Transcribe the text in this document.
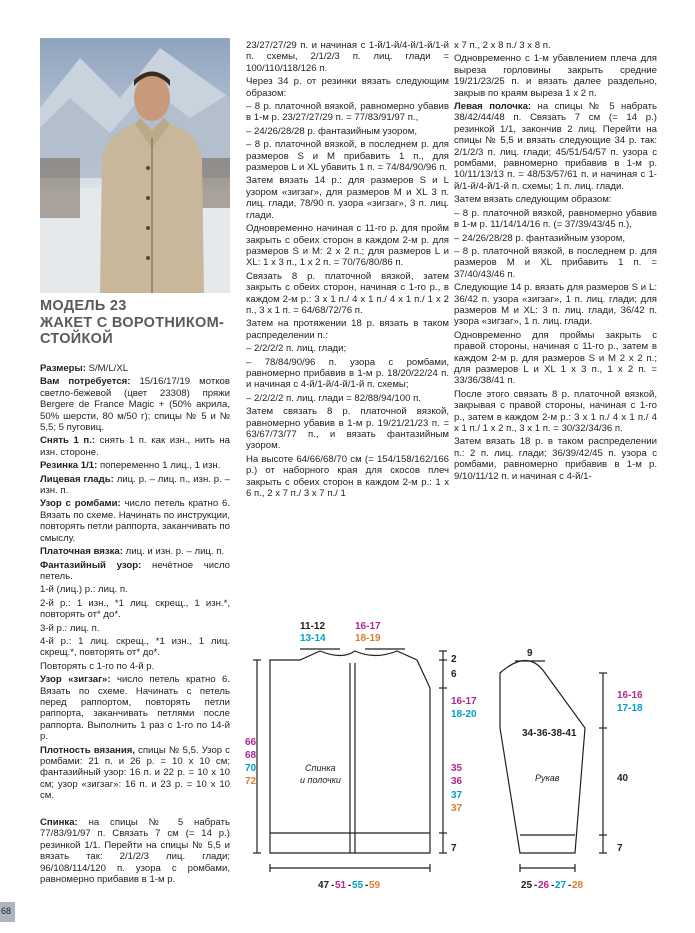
МОДЕЛЬ 23
ЖАКЕТ С ВОРОТНИКОМ-
СТОЙКОЙ

Размеры: S/M/L/XL

Вам потребуется: 15/16/17/19 мотков светло-бежевой (цвет 23308) пряжи Bergere de France Magic + (50% акрила, 50% шерсти, 80 м/50 г); спицы № 5 и № 5,5; 5 пуговиц.

Снять 1 п.: снять 1 п. как изн., нить на изн. стороне.

Резинка 1/1: попеременно 1 лиц., 1 изн.

Лицевая гладь: лиц. р. – лиц. п., изн. р. – изн. п.

Узор с ромбами: число петель кратно 6. Вязать по схеме. Начинать по инструкции, повторять петли раппорта, заканчивать по смыслу.

Платочная вязка: лиц. и изн. р. – лиц. п.

Фантазийный узор: нечётное число петель.

1-й (лиц.) р.: лиц. п.

2-й р.: 1 изн., *1 лиц. скрещ., 1 изн.*, повторять от* до*.

3-й р.: лиц. п.

4-й р.: 1 лиц. скрещ., *1 изн., 1 лиц. скрещ.*, повторять от* до*.

Повторять с 1-го по 4-й р.

Узор «зигзаг»: число петель кратно 6. Вязать по схеме. Начинать с петель перед раппортом, повторять петли раппорта, заканчивать петлями после раппорта. Выполнить 1 раз с 1-го по 14-й р.

Плотность вязания, спицы № 5,5. Узор с ромбами: 21 п. и 26 р. = 10 х 10 см; фантазийный узор: 16 п. и 22 р. = 10 х 10 см; узор «зигзаг»: 16 п. и 23 р. = 10 х 10 см.

Спинка: на спицы № 5 набрать 77/83/91/97 п. Связать 7 см (= 14 р.) резинкой 1/1. Перейти на спицы № 5,5 и вязать так: 2/1/2/3 лиц. глади; 96/108/114/120 п. узора с ромбами, равномерно прибавив в 1-м р.

23/27/27/29 п. и начиная с 1-й/1-й/4-й/1-й/1-й п. схемы, 2/1/2/3 п. лиц. глади = 100/110/118/126 п.

Через 34 р. от резинки вязать следующим образом:

– 8 р. платочной вязкой, равномерно убавив в 1-м р. 23/27/27/29 п. = 77/83/91/97 п.,

– 24/26/28/28 р. фантазийным узором,

– 8 р. платочной вязкой, в последнем р. для размеров S и M прибавить 1 п., для размеров L и XL убавить 1 п. = 74/84/90/96 п.

Затем вязать 14 р.: для размеров S и L узором «зигзаг», для размеров M и XL 3 п. лиц. глади, 78/90 п. узора «зигзаг», 3 п. лиц. глади.

Одновременно начиная с 11-го р. для пройм закрыть с обеих сторон в каждом 2-м р. для размеров S и M: 2 х 2 п.; для размеров L и XL: 1 х 3 п., 1 х 2 п. = 70/76/80/86 п.

Связать 8 р. платочной вязкой, затем закрыть с обеих сторон, начиная с 1-го р., в каждом 2-м р.: 3 х 1 п./ 4 х 1 п./ 4 х 1 п./ 1 х 2 п., 3 х 1 п. = 64/68/72/76 п.

Затем на протяжении 18 р. вязать в таком распределении п.:

– 2/2/2/2 п. лиц. глади;

– 78/84/90/96 п. узора с ромбами, равномерно прибавив в 1-м р. 18/20/22/24 п. и начиная с 4-й/1-й/4-й/1-й п. схемы;

– 2/2/2/2 п. лиц. глади = 82/88/94/100 п.

Затем связать 8 р. платочной вязкой, равномерно убавив в 1-м р. 19/21/21/23 п. = 63/67/73/77 п., и вязать фантазийным узором.

На высоте 64/66/68/70 см (= 154/158/162/166 р.) от наборного края для скосов плеч закрыть с обеих сторон в каждом 2-м р.: 1 х 6 п., 2 х 7 п./ 3 х 7 п./ 1

х 7 п., 2 х 8 п./ 3 х 8 п.

Одновременно с 1-м убавлением плеча для выреза горловины закрыть средние 19/21/23/25 п. и вязать далее раздельно, закрыв по краям выреза 1 х 2 п.

Левая полочка: на спицы № 5 набрать 38/42/44/48 п. Связать 7 см (= 14 р.) резинкой 1/1, закончив 2 лиц. Перейти на спицы № 5,5 и вязать следующие 34 р. так: 2/1/2/3 п. лиц. глади; 45/51/54/57 п. узора с ромбами, равномерно прибавив в 1-м р. 10/11/13/13 п. = 48/53/57/61 п. и начиная с 1-й/1-й/4-й/1-й п. схемы; 1 п. лиц. глади.

Затем вязать следующим образом:

– 8 р. платочной вязкой, равномерно убавив в 1-м р. 11/14/14/16 п. (= 37/39/43/45 п.),

– 24/26/28/28 р. фантазийным узором,

– 8 р. платочной вязкой, в последнем р. для размеров M и XL прибавить 1 п. = 37/40/43/46 п.

Следующие 14 р. вязать для размеров S и L: 36/42 п. узора «зигзаг», 1 п. лиц. глади; для размеров M и XL: 3 п. лиц. глади, 36/42 п. узора «зигзаг», 1 п. лиц. глади.

Одновременно для проймы закрыть с правой стороны, начиная с 11-го р., затем в каждом 2-м р. для размеров S и M 2 х 2 п.; для размеров L и XL 1 х 3 п., 1 х 2 п. = 33/36/38/41 п.

После этого связать 8 р. платочной вязкой, закрывая с правой стороны, начиная с 1-го р., затем в каждом 2-м р.: 3 х 1 п./ 4 х 1 п./ 4 х 1 п./ 1 х 2 п., 3 х 1 п. = 30/32/34/36 п.

Затем вязать 18 р. в таком распределении п.: 2 п. лиц. глади; 36/39/42/45 п. узора с ромбами, равномерно прибавив в 1-м р. 9/10/11/12 п. и начиная с 4-й/1-

11-12
13-14
16-17
18-19
2
6
16-17
18-20
35
36
37
37
7
66
68
70
72
47 - 51 - 55 - 59
9
16-16
17-18
34-36-38-41
40
7
25 - 26 - 27 - 28
Спинка
и полочки	Рукав
68
